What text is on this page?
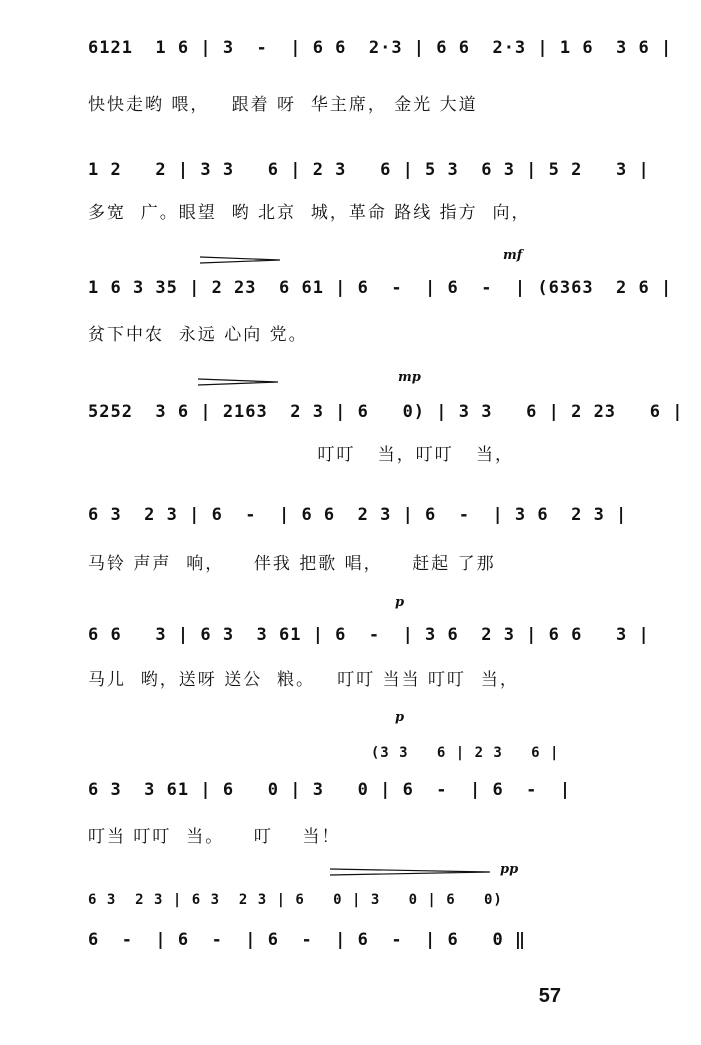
6121  1 6 | 3  -  | 6 6  2·3 | 6 6  2·3 | 1 6  3 6 |
快快走哟 喂，   跟着 呀  华主席， 金光 大道
1 2   2 | 3 3   6 | 2 3   6 | 5 3  6 3 | 5 2   3 |
多宽  广。眼望  哟 北京  城，革命 路线 指方  向，
mf
1 6 3 35 | 2 23  6 61 | 6  -  | 6  -  | (6363  2 6 |
贫下中农  永远 心向 党。
mp
5252  3 6 | 2163  2 3 | 6   0) | 3 3   6 | 2 23   6 |
叮叮   当，叮叮   当，
6 3  2 3 | 6  -  | 6 6  2 3 | 6  -  | 3 6  2 3 |
马铃 声声  响，    伴我 把歌 唱，    赶起 了那
p
6 6   3 | 6 3  3 61 | 6  -  | 3 6  2 3 | 6 6   3 |
马儿  哟，送呀 送公  粮。   叮叮 当当 叮叮  当，
p
(3 3   6 | 2 3   6 |
6 3  3 61 | 6   0 | 3   0 | 6  -  | 6  -  |
叮当 叮叮  当。    叮    当！
pp
6 3  2 3 | 6 3  2 3 | 6   0 | 3   0 | 6   0)
6  -  | 6  -  | 6  -  | 6  -  | 6   0 ‖
57
